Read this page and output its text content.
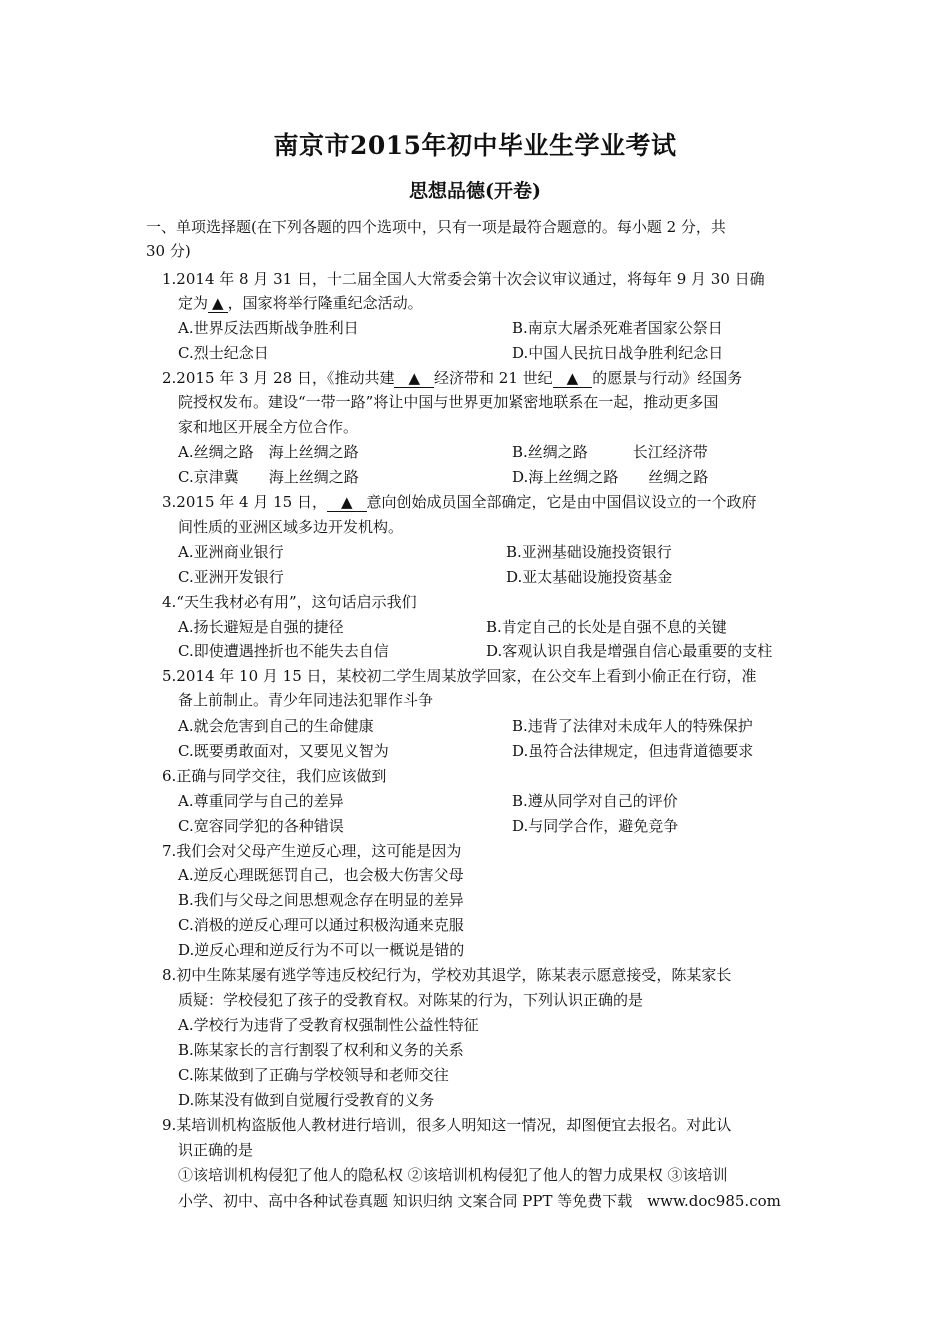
南京市2015年初中毕业生学业考试
思想品德(开卷)
一、单项选择题(在下列各题的四个选项中，只有一项是最符合题意的。每小题 2 分，共
30 分)
1.2014 年 8 月 31 日，十二届全国人大常委会第十次会议审议通过，将每年 9 月 30 日确
定为 ▲ ，国家将举行隆重纪念活动。
A.世界反法西斯战争胜利日	B.南京大屠杀死难者国家公祭日
C.烈士纪念日	D.中国人民抗日战争胜利纪念日
2.2015 年 3 月 28 日，《推动共建 ▲ 经济带和 21 世纪 ▲ 的愿景与行动》经国务
院授权发布。建设“一带一路”将让中国与世界更加紧密地联系在一起，推动更多国
家和地区开展全方位合作。
A.丝绸之路　海上丝绸之路	B.丝绸之路　　　长江经济带
C.京津冀　　海上丝绸之路	D.海上丝绸之路　　丝绸之路
3.2015 年 4 月 15 日， ▲ 意向创始成员国全部确定，它是由中国倡议设立的一个政府
间性质的亚洲区域多边开发机构。
A.亚洲商业银行	B.亚洲基础设施投资银行
C.亚洲开发银行	D.亚太基础设施投资基金
4.“天生我材必有用”，这句话启示我们
A.扬长避短是自强的捷径	B.肯定自己的长处是自强不息的关键
C.即使遭遇挫折也不能失去自信	D.客观认识自我是增强自信心最重要的支柱
5.2014 年 10 月 15 日，某校初二学生周某放学回家，在公交车上看到小偷正在行窃，准
备上前制止。青少年同违法犯罪作斗争
A.就会危害到自己的生命健康	B.违背了法律对未成年人的特殊保护
C.既要勇敢面对，又要见义智为	D.虽符合法律规定，但违背道德要求
6.正确与同学交往，我们应该做到
A.尊重同学与自己的差异	B.遵从同学对自己的评价
C.宽容同学犯的各种错误	D.与同学合作，避免竞争
7.我们会对父母产生逆反心理，这可能是因为
A.逆反心理既惩罚自己，也会极大伤害父母
B.我们与父母之间思想观念存在明显的差异
C.消极的逆反心理可以通过积极沟通来克服
D.逆反心理和逆反行为不可以一概说是错的
8.初中生陈某屡有逃学等违反校纪行为，学校劝其退学，陈某表示愿意接受，陈某家长
质疑：学校侵犯了孩子的受教育权。对陈某的行为，下列认识正确的是
A.学校行为违背了受教育权强制性公益性特征
B.陈某家长的言行割裂了权利和义务的关系
C.陈某做到了正确与学校领导和老师交往
D.陈某没有做到自觉履行受教育的义务
9.某培训机构盗版他人教材进行培训，很多人明知这一情况，却图便宜去报名。对此认
识正确的是
①该培训机构侵犯了他人的隐私权 ②该培训机构侵犯了他人的智力成果权 ③该培训
小学、初中、高中各种试卷真题 知识归纳 文案合同 PPT 等免费下载　www.doc985.com
